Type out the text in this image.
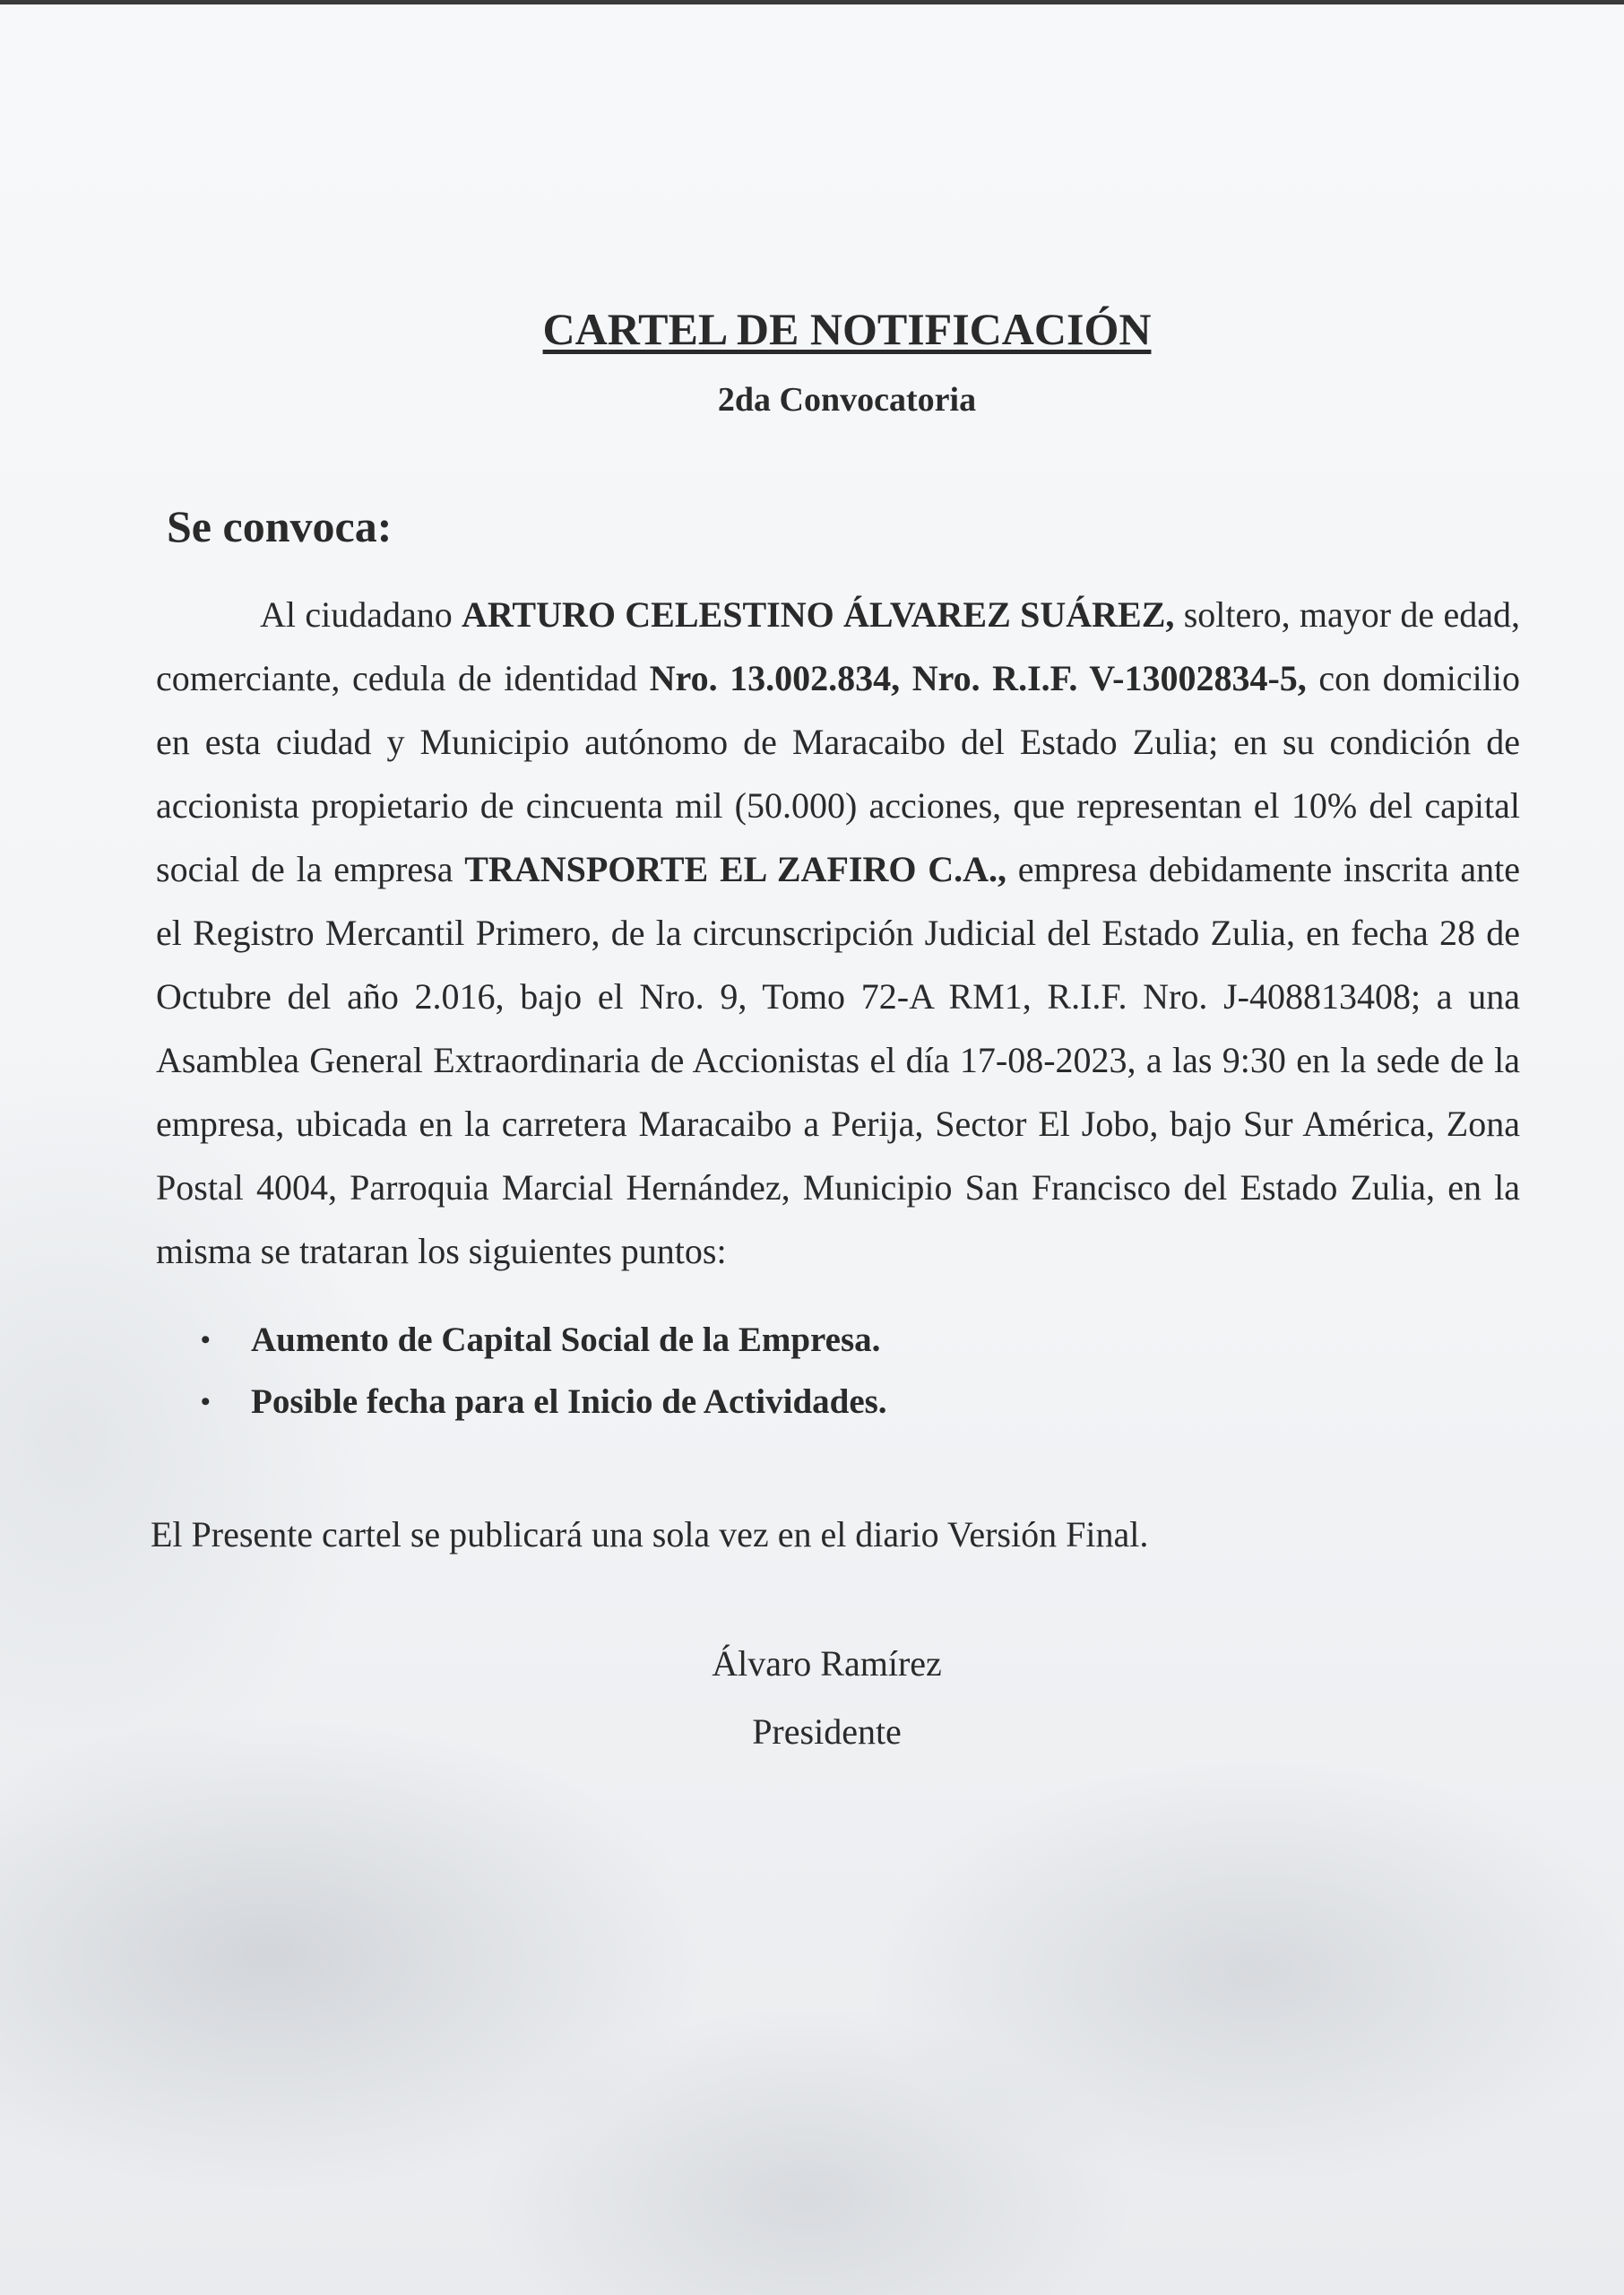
CARTEL DE NOTIFICACIÓN
2da Convocatoria
Se convoca:

Al ciudadano ARTURO CELESTINO ÁLVAREZ SUÁREZ, soltero, mayor de edad, comerciante, cedula de identidad Nro. 13.002.834, Nro. R.I.F. V-13002834-5, con domicilio en esta ciudad y Municipio autónomo de Maracaibo del Estado Zulia; en su condición de accionista propietario de cincuenta mil (50.000) acciones, que representan el 10% del capital social de la empresa TRANSPORTE EL ZAFIRO C.A., empresa debidamente inscrita ante el Registro Mercantil Primero, de la circunscripción Judicial del Estado Zulia, en fecha 28 de Octubre del año 2.016, bajo el Nro. 9, Tomo 72-A RM1, R.I.F. Nro. J-408813408; a una Asamblea General Extraordinaria de Accionistas el día 17-08-2023, a las 9:30 en la sede de la empresa, ubicada en la carretera Maracaibo a Perija, Sector El Jobo, bajo Sur América, Zona Postal 4004, Parroquia Marcial Hernández, Municipio San Francisco del Estado Zulia, en la misma se trataran los siguientes puntos:

• Aumento de Capital Social de la Empresa.
• Posible fecha para el Inicio de Actividades.
El Presente cartel se publicará una sola vez en el diario Versión Final.
Álvaro Ramírez
Presidente
